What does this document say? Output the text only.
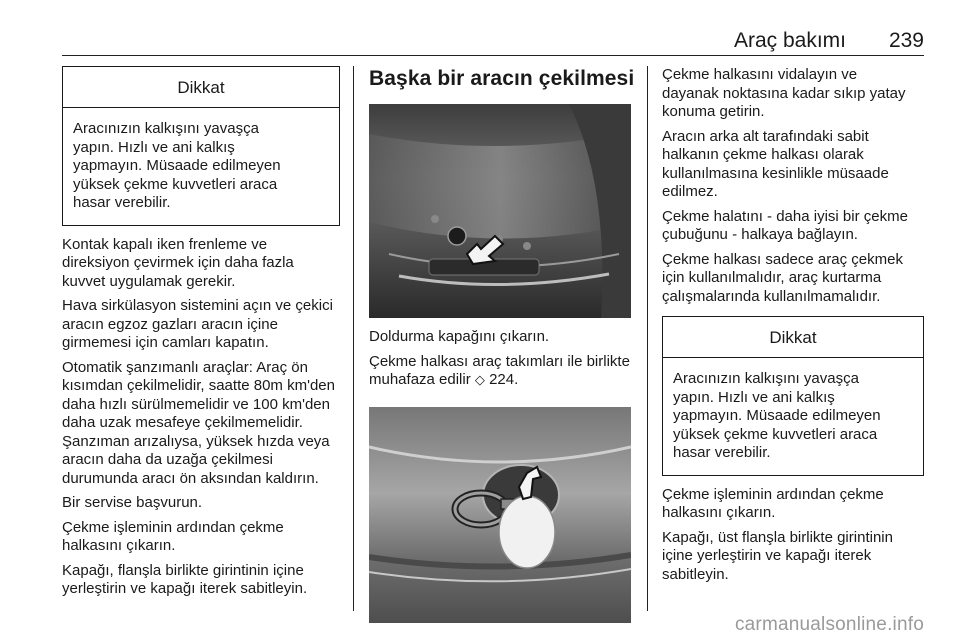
Araç bakımı 239
Dikkat
Aracınızın kalkışını yavaşça yapın. Hızlı ve ani kalkış yapmayın. Müsaade edilmeyen yüksek çekme kuvvetleri araca hasar verebilir.

Kontak kapalı iken frenleme ve direksiyon çevirmek için daha fazla kuvvet uygulamak gerekir.

Hava sirkülasyon sistemini açın ve çekici aracın egzoz gazları aracın içine girmemesi için camları kapatın.

Otomatik şanzımanlı araçlar: Araç ön kısımdan çekilmelidir, saatte 80m km'den daha hızlı sürülmemelidir ve 100 km'den daha uzak mesafeye çekilmemelidir. Şanzıman arızalıysa, yüksek hızda veya aracın daha da uzağa çekilmesi durumunda aracı ön aksından kaldırın.

Bir servise başvurun.

Çekme işleminin ardından çekme halkasını çıkarın.

Kapağı, flanşla birlikte girintinin içine yerleştirin ve kapağı iterek sabitleyin.

Başka bir aracın çekilmesi

Doldurma kapağını çıkarın.

Çekme halkası araç takımları ile birlikte muhafaza edilir ◇ 224.

Çekme halkasını vidalayın ve dayanak noktasına kadar sıkıp yatay konuma getirin.

Aracın arka alt tarafındaki sabit halkanın çekme halkası olarak kullanılmasına kesinlikle müsaade edilmez.

Çekme halatını - daha iyisi bir çekme çubuğunu - halkaya bağlayın.

Çekme halkası sadece araç çekmek için kullanılmalıdır, araç kurtarma çalışmalarında kullanılmamalıdır.

Dikkat
Aracınızın kalkışını yavaşça yapın. Hızlı ve ani kalkış yapmayın. Müsaade edilmeyen yüksek çekme kuvvetleri araca hasar verebilir.

Çekme işleminin ardından çekme halkasını çıkarın.

Kapağı, üst flanşla birlikte girintinin içine yerleştirin ve kapağı iterek sabitleyin.

carmanualsonline.info
